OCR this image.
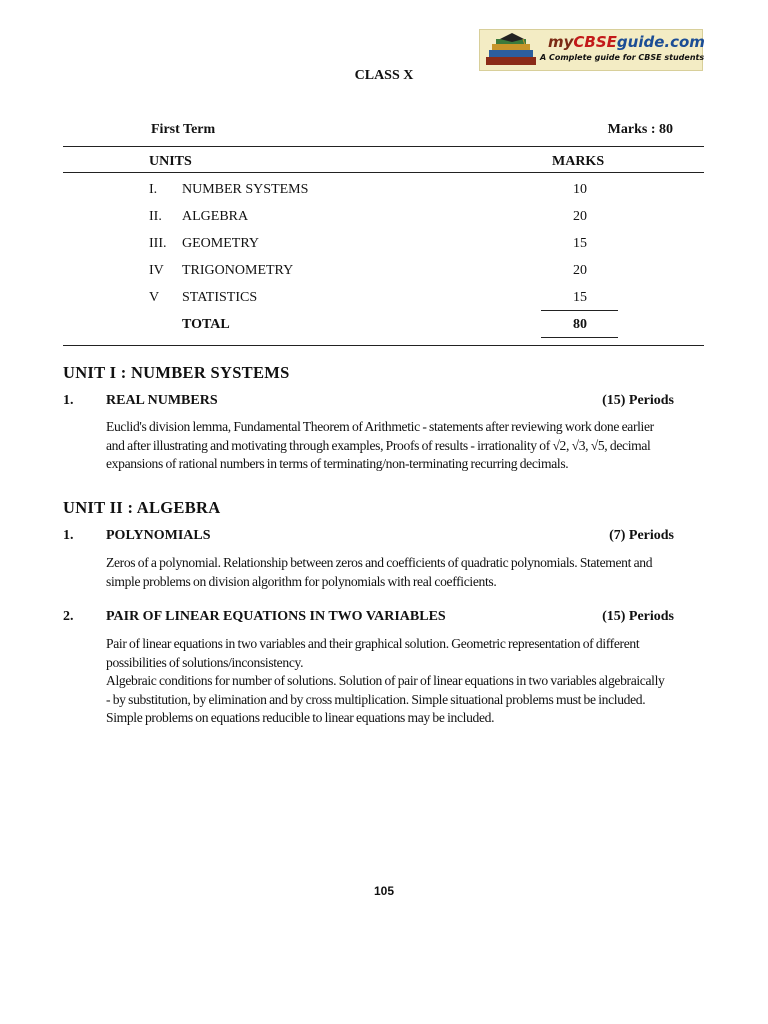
myCBSEguide.com
A Complete guide for CBSE students
CLASS X
First Term	Marks : 80
UNITS	MARKS
I. NUMBER SYSTEMS	10
II. ALGEBRA	20
III. GEOMETRY	15
IV TRIGONOMETRY	20
V STATISTICS	15
TOTAL	80
UNIT I : NUMBER SYSTEMS
1. REAL NUMBERS	(15) Periods
Euclid's division lemma, Fundamental Theorem of Arithmetic - statements after reviewing work done earlier
and after illustrating and motivating through examples, Proofs of results - irrationality of √2, √3, √5, decimal
expansions of rational numbers in terms of terminating/non-terminating recurring decimals.
UNIT II : ALGEBRA
1. POLYNOMIALS	(7) Periods
Zeros of a polynomial. Relationship between zeros and coefficients of quadratic polynomials. Statement and
simple problems on division algorithm for polynomials with real coefficients.
2. PAIR OF LINEAR EQUATIONS IN TWO VARIABLES	(15) Periods
Pair of linear equations in two variables and their graphical solution. Geometric representation of different
possibilities of solutions/inconsistency.
Algebraic conditions for number of solutions. Solution of pair of linear equations in two variables algebraically
- by substitution, by elimination and by cross multiplication. Simple situational problems must be included.
Simple problems on equations reducible to linear equations may be included.
105
